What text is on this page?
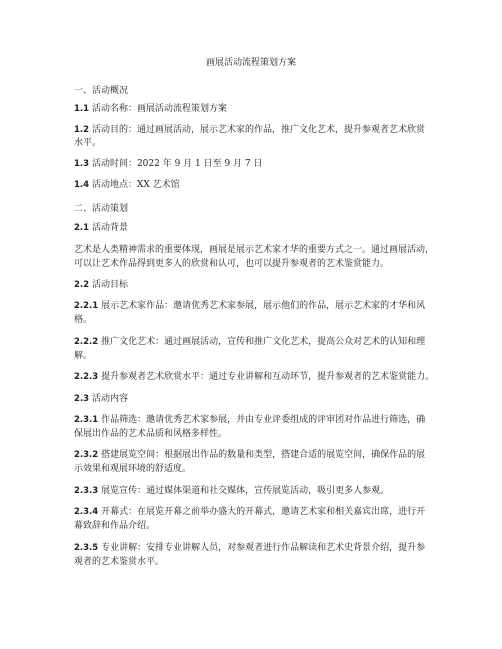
画展活动流程策划方案
一、活动概况
1.1 活动名称：画展活动流程策划方案
1.2 活动目的：通过画展活动，展示艺术家的作品，推广文化艺术，提升参观者艺术欣赏
水平。
1.3 活动时间：2022 年 9 月 1 日至 9 月 7 日
1.4 活动地点：XX 艺术馆
二、活动策划
2.1 活动背景
艺术是人类精神需求的重要体现，画展是展示艺术家才华的重要方式之一。通过画展活动，
可以让艺术作品得到更多人的欣赏和认可，也可以提升参观者的艺术鉴赏能力。
2.2 活动目标
2.2.1 展示艺术家作品：邀请优秀艺术家参展，展示他们的作品，展示艺术家的才华和风
格。
2.2.2 推广文化艺术：通过画展活动，宣传和推广文化艺术，提高公众对艺术的认知和理
解。
2.2.3 提升参观者艺术欣赏水平：通过专业讲解和互动环节，提升参观者的艺术鉴赏能力。
2.3 活动内容
2.3.1 作品筛选：邀请优秀艺术家参展，并由专业评委组成的评审团对作品进行筛选，确
保展出作品的艺术品质和风格多样性。
2.3.2 搭建展览空间：根据展出作品的数量和类型，搭建合适的展览空间，确保作品的展
示效果和观展环境的舒适度。
2.3.3 展览宣传：通过媒体渠道和社交媒体，宣传展览活动，吸引更多人参观。
2.3.4 开幕式：在展览开幕之前举办盛大的开幕式，邀请艺术家和相关嘉宾出席，进行开
幕致辞和作品介绍。
2.3.5 专业讲解：安排专业讲解人员，对参观者进行作品解读和艺术史背景介绍，提升参
观者的艺术鉴赏水平。
